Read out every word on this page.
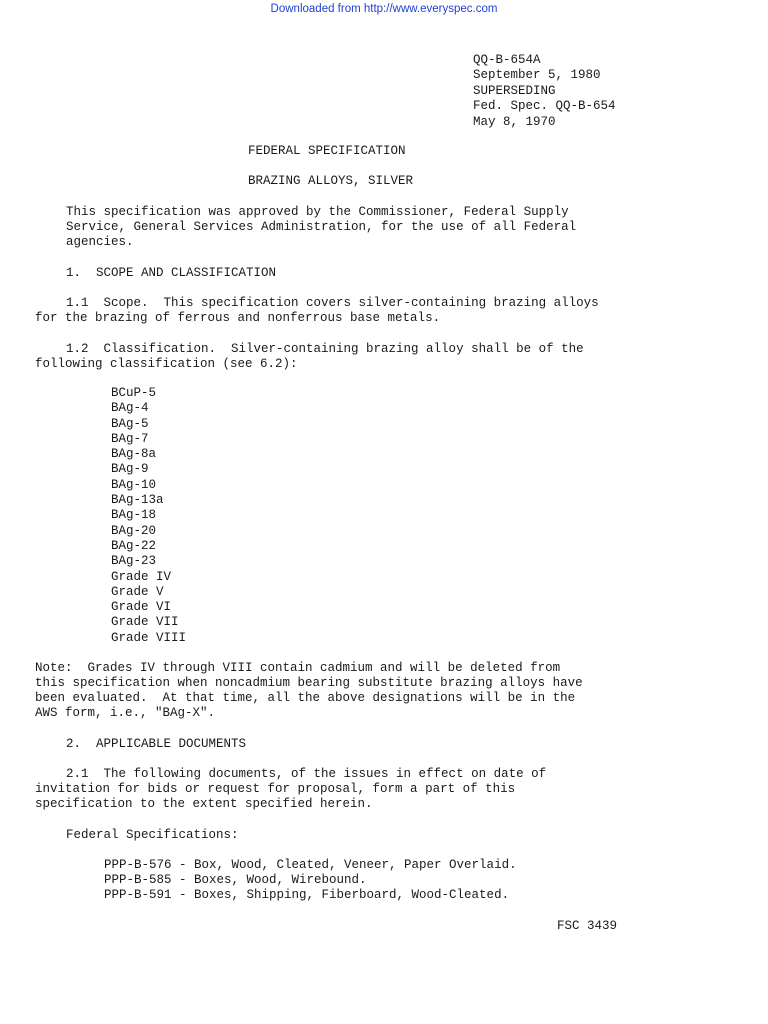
Downloaded from http://www.everyspec.com
QQ-B-654A
September 5, 1980
SUPERSEDING
Fed. Spec. QQ-B-654
May 8, 1970
FEDERAL SPECIFICATION
BRAZING ALLOYS, SILVER
This specification was approved by the Commissioner, Federal Supply
Service, General Services Administration, for the use of all Federal
agencies.
1.  SCOPE AND CLASSIFICATION
1.1  Scope.  This specification covers silver-containing brazing alloys
for the brazing of ferrous and nonferrous base metals.
1.2  Classification.  Silver-containing brazing alloy shall be of the
following classification (see 6.2):
BCuP-5
BAg-4
BAg-5
BAg-7
BAg-8a
BAg-9
BAg-10
BAg-13a
BAg-18
BAg-20
BAg-22
BAg-23
Grade IV
Grade V
Grade VI
Grade VII
Grade VIII
Note:  Grades IV through VIII contain cadmium and will be deleted from
this specification when noncadmium bearing substitute brazing alloys have
been evaluated.  At that time, all the above designations will be in the
AWS form, i.e., "BAg-X".
2.  APPLICABLE DOCUMENTS
2.1  The following documents, of the issues in effect on date of
invitation for bids or request for proposal, form a part of this
specification to the extent specified herein.
Federal Specifications:
PPP-B-576 - Box, Wood, Cleated, Veneer, Paper Overlaid.
PPP-B-585 - Boxes, Wood, Wirebound.
PPP-B-591 - Boxes, Shipping, Fiberboard, Wood-Cleated.
FSC 3439
